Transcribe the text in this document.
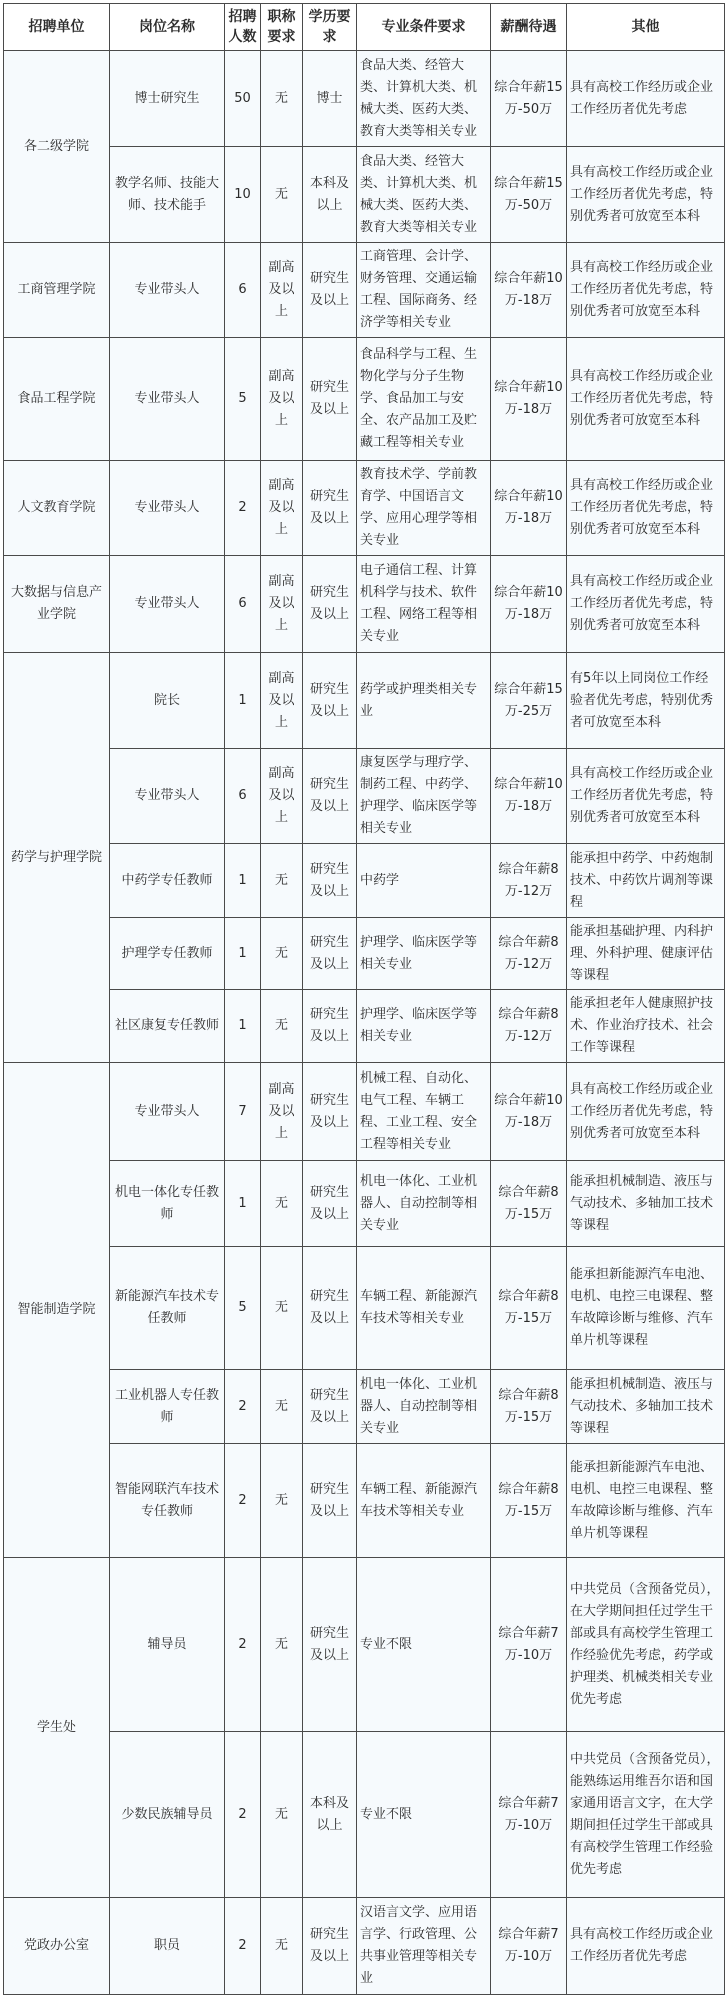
招聘单位	岗位名称	招聘人数	职称要求	学历要求	专业条件要求	薪酬待遇	其他
各二级学院	博士研究生	50	无	博士	食品大类、经管大类、计算机大类、机械大类、医药大类、教育大类等相关专业	综合年薪15万-50万	具有高校工作经历或企业工作经历者优先考虑
	教学名师、技能大师、技术能手	10	无	本科及以上	食品大类、经管大类、计算机大类、机械大类、医药大类、教育大类等相关专业	综合年薪15万-50万	具有高校工作经历或企业工作经历者优先考虑，特别优秀者可放宽至本科
工商管理学院	专业带头人	6	副高及以上	研究生及以上	工商管理、会计学、财务管理、交通运输工程、国际商务、经济学等相关专业	综合年薪10万-18万	具有高校工作经历或企业工作经历者优先考虑，特别优秀者可放宽至本科
食品工程学院	专业带头人	5	副高及以上	研究生及以上	食品科学与工程、生物化学与分子生物学、食品加工与安全、农产品加工及贮藏工程等相关专业	综合年薪10万-18万	具有高校工作经历或企业工作经历者优先考虑，特别优秀者可放宽至本科
人文教育学院	专业带头人	2	副高及以上	研究生及以上	教育技术学、学前教育学、中国语言文学、应用心理学等相关专业	综合年薪10万-18万	具有高校工作经历或企业工作经历者优先考虑，特别优秀者可放宽至本科
大数据与信息产业学院	专业带头人	6	副高及以上	研究生及以上	电子通信工程、计算机科学与技术、软件工程、网络工程等相关专业	综合年薪10万-18万	具有高校工作经历或企业工作经历者优先考虑，特别优秀者可放宽至本科
药学与护理学院	院长	1	副高及以上	研究生及以上	药学或护理类相关专业	综合年薪15万-25万	有5年以上同岗位工作经验者优先考虑，特别优秀者可放宽至本科
	专业带头人	6	副高及以上	研究生及以上	康复医学与理疗学、制药工程、中药学、护理学、临床医学等相关专业	综合年薪10万-18万	具有高校工作经历或企业工作经历者优先考虑，特别优秀者可放宽至本科
	中药学专任教师	1	无	研究生及以上	中药学	综合年薪8万-12万	能承担中药学、中药炮制技术、中药饮片调剂等课程
	护理学专任教师	1	无	研究生及以上	护理学、临床医学等相关专业	综合年薪8万-12万	能承担基础护理、内科护理、外科护理、健康评估等课程
	社区康复专任教师	1	无	研究生及以上	护理学、临床医学等相关专业	综合年薪8万-12万	能承担老年人健康照护技术、作业治疗技术、社会工作等课程
智能制造学院	专业带头人	7	副高及以上	研究生及以上	机械工程、自动化、电气工程、车辆工程、工业工程、安全工程等相关专业	综合年薪10万-18万	具有高校工作经历或企业工作经历者优先考虑，特别优秀者可放宽至本科
	机电一体化专任教师	1	无	研究生及以上	机电一体化、工业机器人、自动控制等相关专业	综合年薪8万-15万	能承担机械制造、液压与气动技术、多轴加工技术等课程
	新能源汽车技术专任教师	5	无	研究生及以上	车辆工程、新能源汽车技术等相关专业	综合年薪8万-15万	能承担新能源汽车电池、电机、电控三电课程、整车故障诊断与维修、汽车单片机等课程
	工业机器人专任教师	2	无	研究生及以上	机电一体化、工业机器人、自动控制等相关专业	综合年薪8万-15万	能承担机械制造、液压与气动技术、多轴加工技术等课程
	智能网联汽车技术专任教师	2	无	研究生及以上	车辆工程、新能源汽车技术等相关专业	综合年薪8万-15万	能承担新能源汽车电池、电机、电控三电课程、整车故障诊断与维修、汽车单片机等课程
学生处	辅导员	2	无	研究生及以上	专业不限	综合年薪7万-10万	中共党员（含预备党员），在大学期间担任过学生干部或具有高校学生管理工作经验优先考虑，药学或护理类、机械类相关专业优先考虑
	少数民族辅导员	2	无	本科及以上	专业不限	综合年薪7万-10万	中共党员（含预备党员），能熟练运用维吾尔语和国家通用语言文字，在大学期间担任过学生干部或具有高校学生管理工作经验优先考虑
党政办公室	职员	2	无	研究生及以上	汉语言文学、应用语言学、行政管理、公共事业管理等相关专业	综合年薪7万-10万	具有高校工作经历或企业工作经历者优先考虑
